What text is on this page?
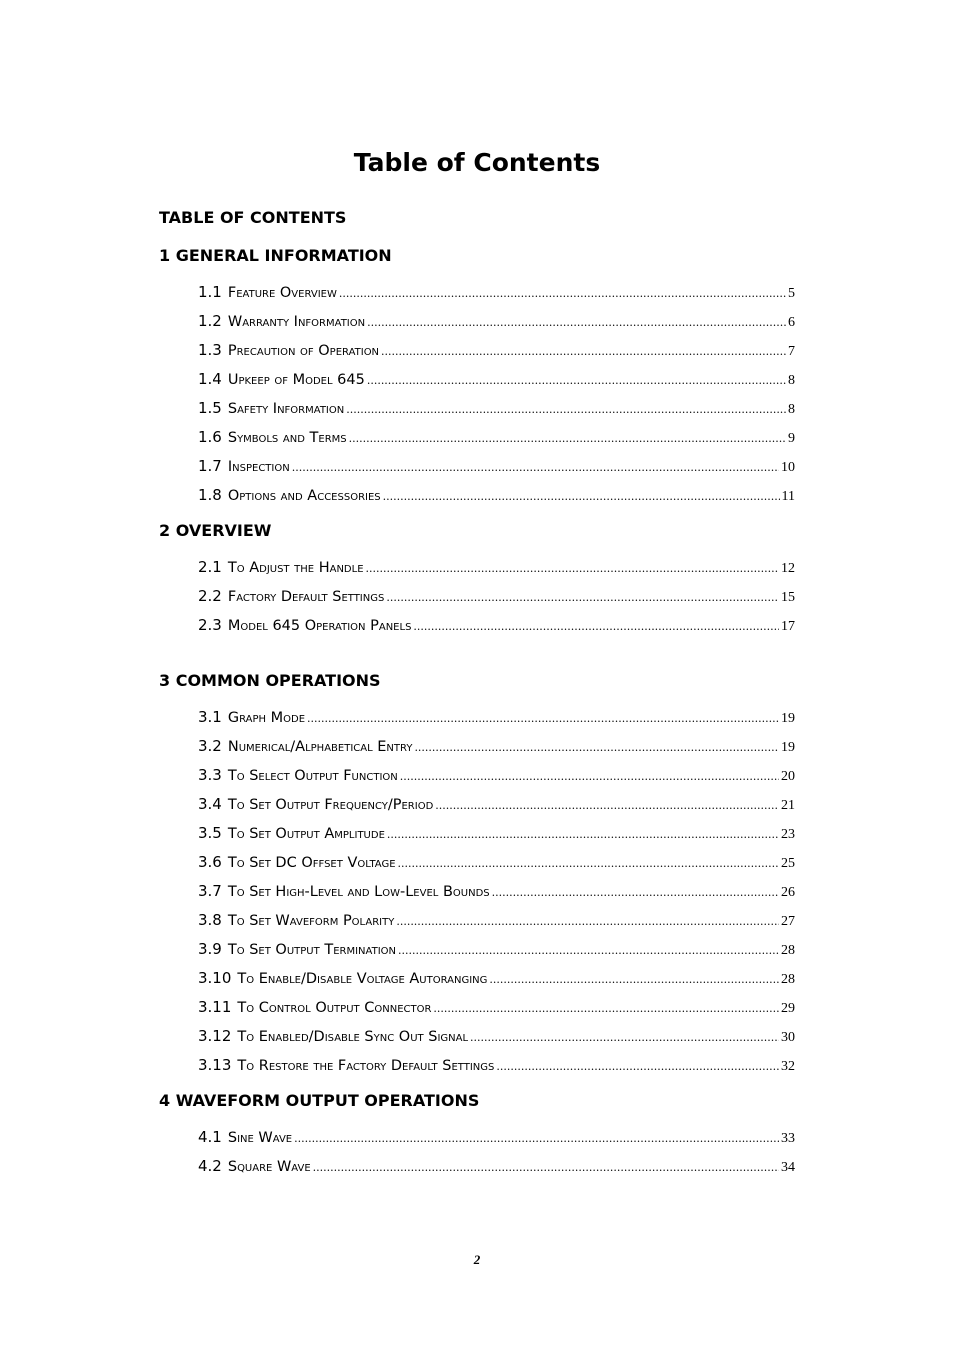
Table of Contents
TABLE OF CONTENTS
1 GENERAL INFORMATION
1.1 Feature Overview .....	5
1.2 Warranty Information .....	6
1.3 Precaution of Operation .....	7
1.4 Upkeep of Model 645 .....	8
1.5 Safety Information .....	8
1.6 Symbols and Terms .....	9
1.7 Inspection .....	10
1.8 Options and Accessories .....	11
2 OVERVIEW
2.1 To Adjust the Handle .....	12
2.2 Factory Default Settings .....	15
2.3 Model 645 Operation Panels .....	17
3 COMMON OPERATIONS
3.1 Graph Mode .....	19
3.2 Numerical/Alphabetical Entry .....	19
3.3 To Select Output Function .....	20
3.4 To Set Output Frequency/Period .....	21
3.5 To Set Output Amplitude .....	23
3.6 To Set DC Offset Voltage .....	25
3.7 To Set High-Level and Low-Level Bounds .....	26
3.8 To Set Waveform Polarity .....	27
3.9 To Set Output Termination .....	28
3.10 To Enable/Disable Voltage Autoranging .....	28
3.11 To Control Output Connector .....	29
3.12 To Enabled/Disable Sync Out Signal .....	30
3.13 To Restore the Factory Default Settings .....	32
4 WAVEFORM OUTPUT OPERATIONS
4.1 Sine Wave .....	33
4.2 Square Wave .....	34
2
